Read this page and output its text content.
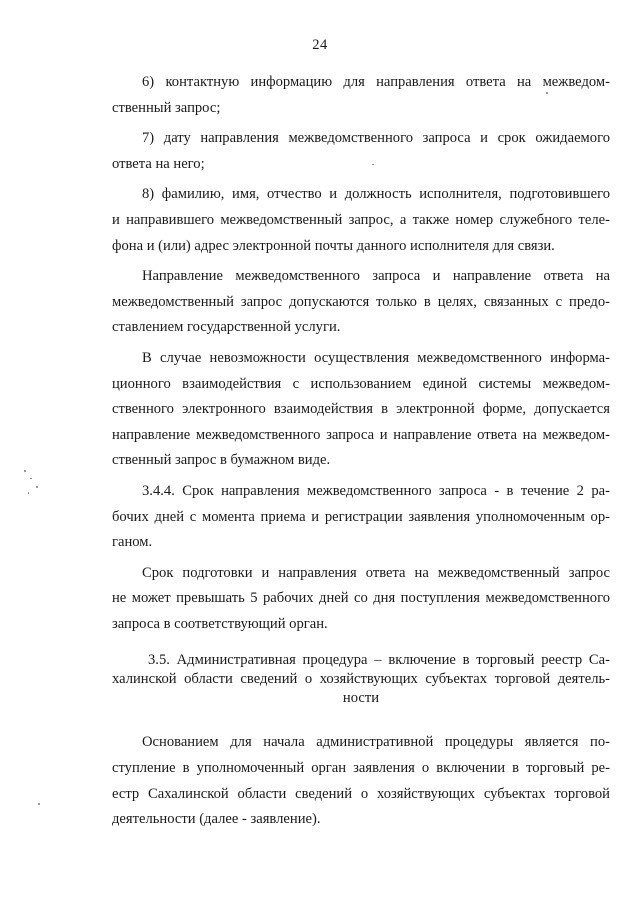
24
6) контактную информацию для направления ответа на межведом-
ственный запрос;
7) дату направления межведомственного запроса и срок ожидаемого
ответа на него;
8) фамилию, имя, отчество и должность исполнителя, подготовившего
и направившего межведомственный запрос, а также номер служебного теле-
фона и (или) адрес электронной почты данного исполнителя для связи.
Направление межведомственного запроса и направление ответа на
межведомственный запрос допускаются только в целях, связанных с предо-
ставлением государственной услуги.
В случае невозможности осуществления межведомственного информа-
ционного взаимодействия с использованием единой системы межведом-
ственного электронного взаимодействия в электронной форме, допускается
направление межведомственного запроса и направление ответа на межведом-
ственный запрос в бумажном виде.
3.4.4. Срок направления межведомственного запроса - в течение 2 ра-
бочих дней с момента приема и регистрации заявления уполномоченным ор-
ганом.
Срок подготовки и направления ответа на межведомственный запрос
не может превышать 5 рабочих дней со дня поступления межведомственного
запроса в соответствующий орган.
3.5. Административная процедура – включение в торговый реестр Са-
халинской области сведений о хозяйствующих субъектах торговой деятель-
ности
Основанием для начала административной процедуры является по-
ступление в уполномоченный орган заявления о включении в торговый ре-
естр Сахалинской области сведений о хозяйствующих субъектах торговой
деятельности (далее - заявление).
